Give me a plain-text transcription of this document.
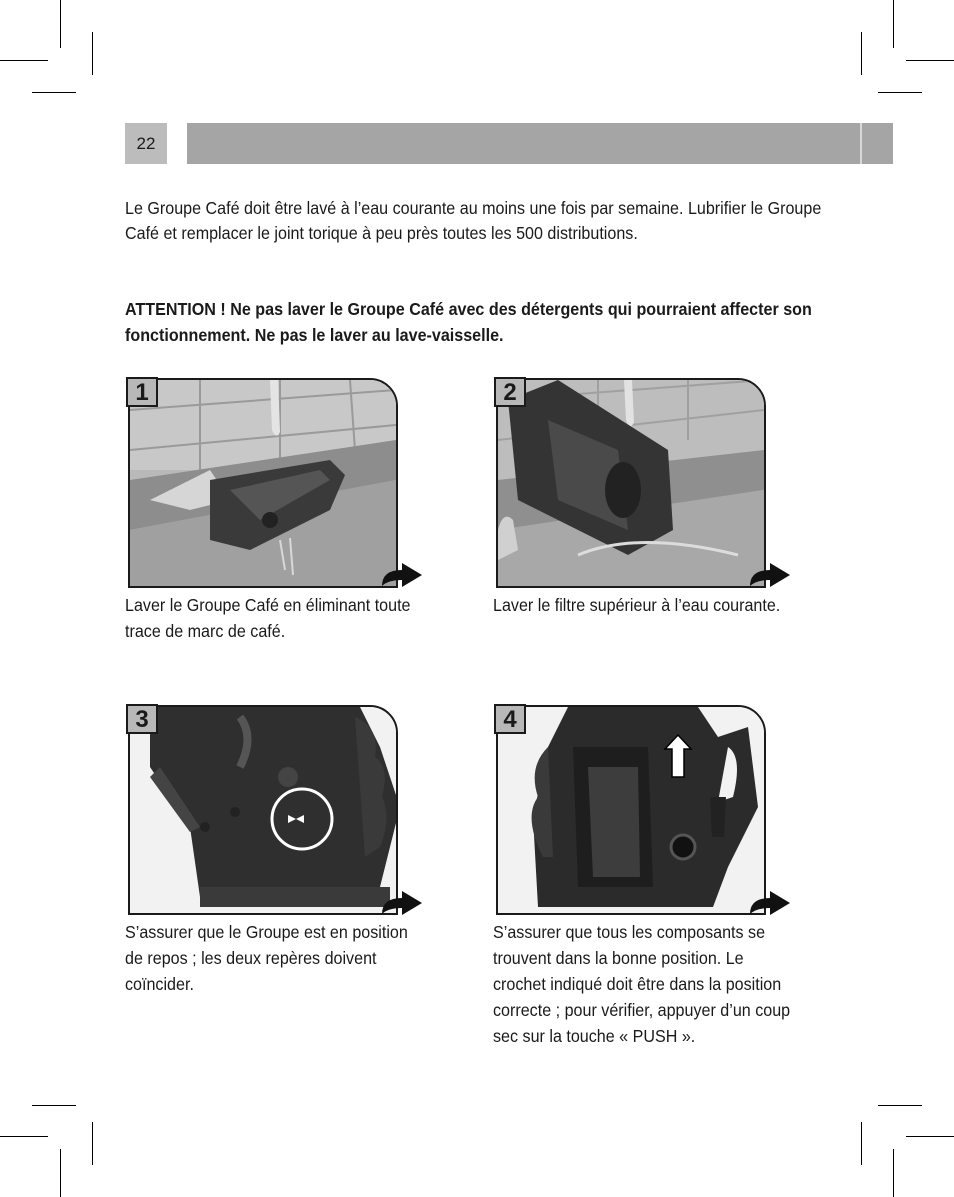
22

Le Groupe Café doit être lavé à l’eau courante au moins une fois par semaine. Lubrifier le Groupe Café et remplacer le joint torique à peu près toutes les 500 distributions.

ATTENTION ! Ne pas laver le Groupe Café avec des détergents qui pourraient affecter son fonctionnement. Ne pas le laver au lave-vaisselle.

1

Laver le Groupe Café en éliminant toute trace de marc de café.

2

Laver le filtre supérieur à l’eau courante.

3

S’assurer que le Groupe est en position de repos ; les deux repères doivent coïncider.

4

S’assurer que tous les composants se trouvent dans la bonne position. Le crochet indiqué doit être dans la position correcte ; pour vérifier, appuyer d’un coup sec sur la touche « PUSH ».
